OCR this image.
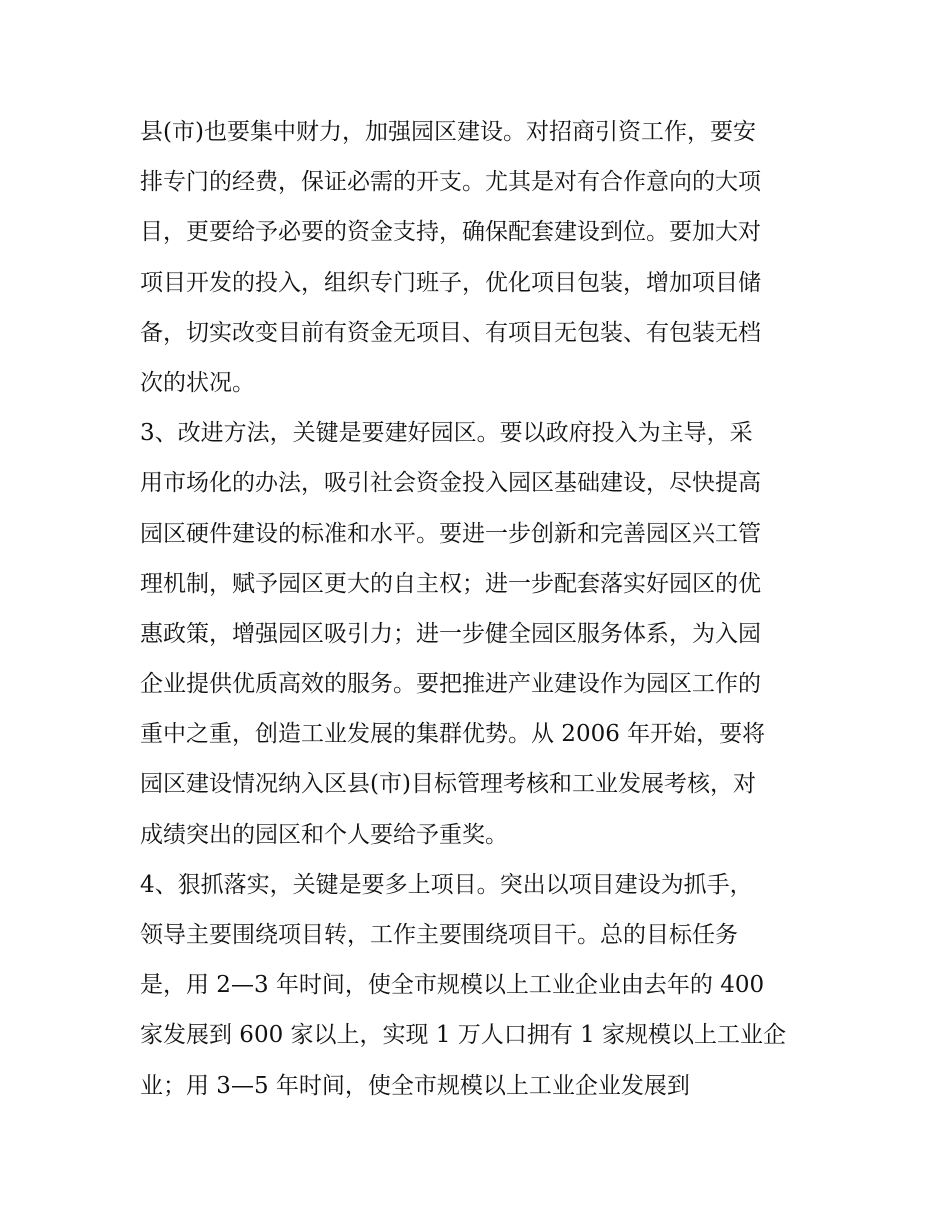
县(市)也要集中财力，加强园区建设。对招商引资工作，要安
排专门的经费，保证必需的开支。尤其是对有合作意向的大项
目，更要给予必要的资金支持，确保配套建设到位。要加大对
项目开发的投入，组织专门班子，优化项目包装，增加项目储
备，切实改变目前有资金无项目、有项目无包装、有包装无档
次的状况。
3、改进方法，关键是要建好园区。要以政府投入为主导，采
用市场化的办法，吸引社会资金投入园区基础建设，尽快提高
园区硬件建设的标准和水平。要进一步创新和完善园区兴工管
理机制，赋予园区更大的自主权；进一步配套落实好园区的优
惠政策，增强园区吸引力；进一步健全园区服务体系，为入园
企业提供优质高效的服务。要把推进产业建设作为园区工作的
重中之重，创造工业发展的集群优势。从 2006 年开始，要将
园区建设情况纳入区县(市)目标管理考核和工业发展考核，对
成绩突出的园区和个人要给予重奖。
4、狠抓落实，关键是要多上项目。突出以项目建设为抓手，
领导主要围绕项目转，工作主要围绕项目干。总的目标任务
是，用 2—3 年时间，使全市规模以上工业企业由去年的 400
家发展到 600 家以上，实现 1 万人口拥有 1 家规模以上工业企
业；用 3—5 年时间，使全市规模以上工业企业发展到
